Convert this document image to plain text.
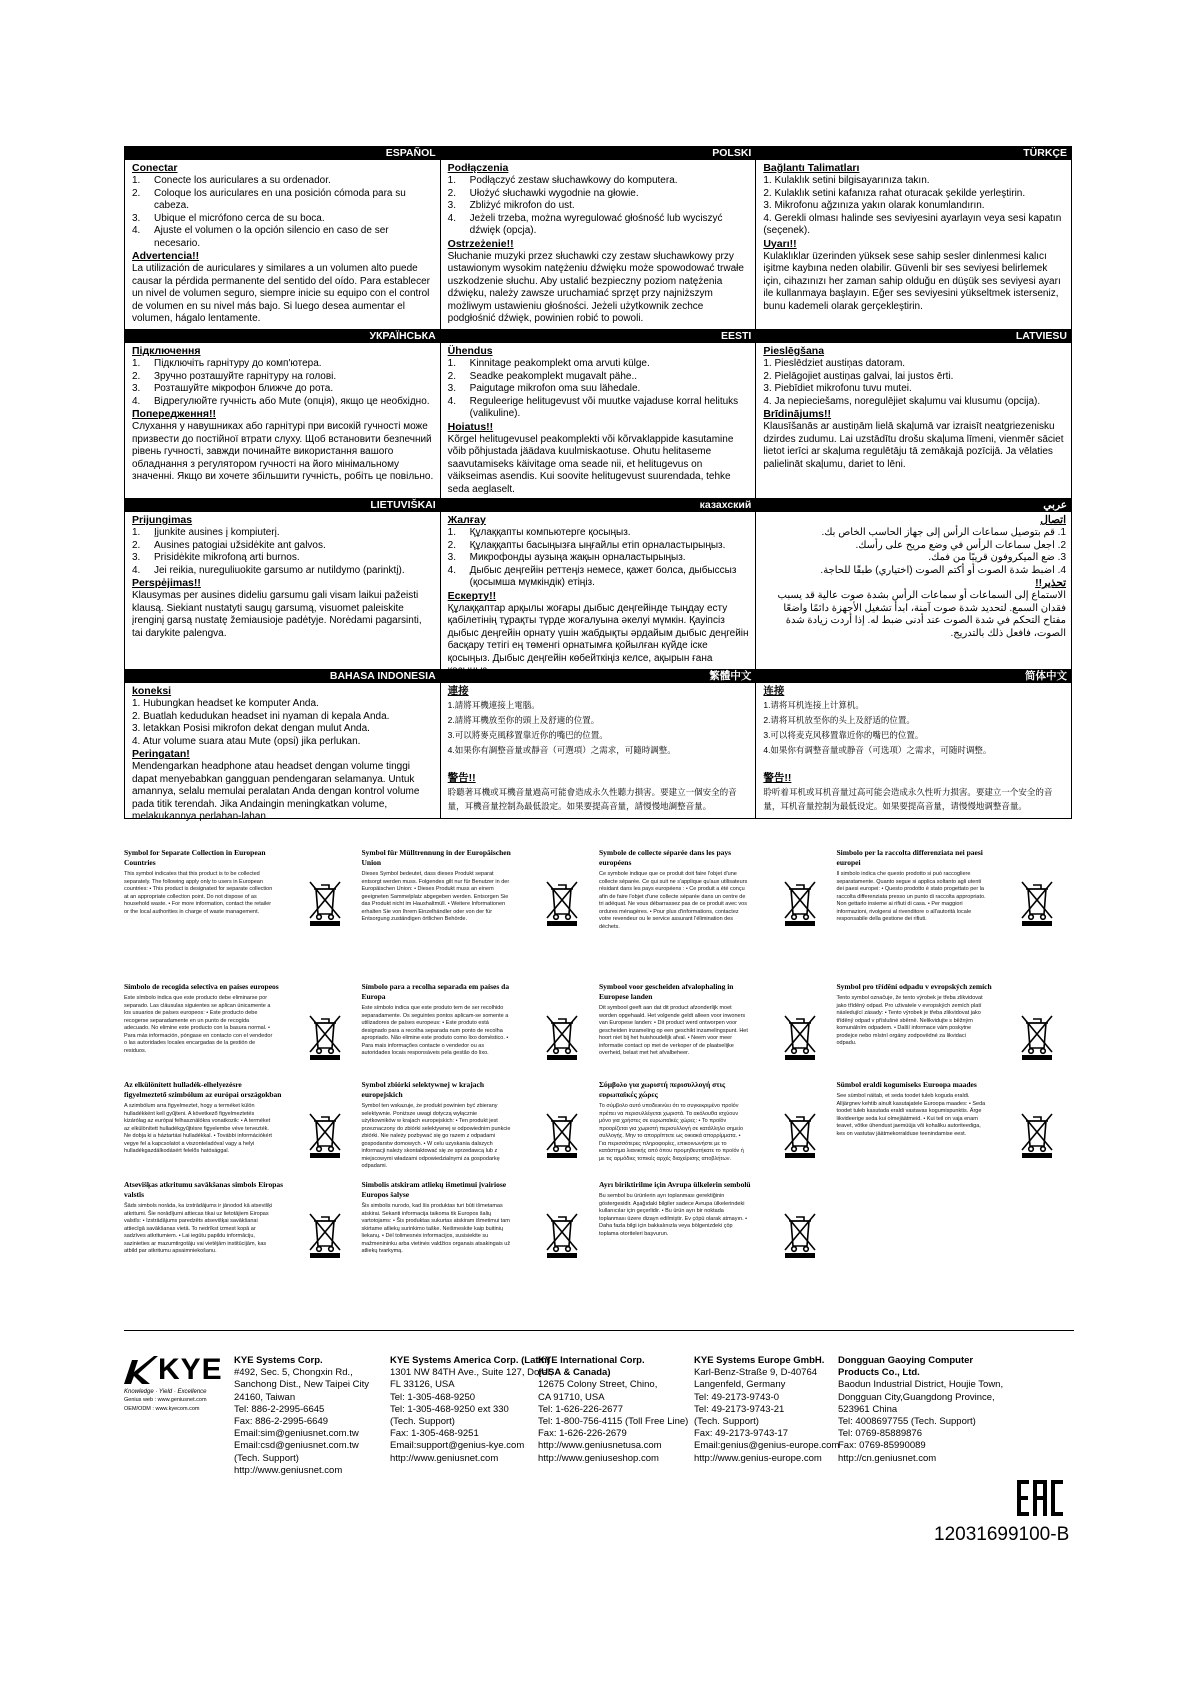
ESPAÑOL
Conectar
1. Conecte los auriculares a su ordenador.
2. Coloque los auriculares en una posición cómoda para su cabeza.
3. Ubique el micrófono cerca de su boca.
4. Ajuste el volumen o la opción silencio en caso de ser necesario.
Advertencia!!

La utilización de auriculares y similares a un volumen alto puede causar la pérdida permanente del sentido del oído. Para establecer un nivel de volumen seguro, siempre inicie su equipo con el control de volumen en su nivel más bajo. Si luego desea aumentar el volumen, hágalo lentamente.

POLSKI
Podłączenia
1. Podłączyć zestaw słuchawkowy do komputera.
2. Ułożyć słuchawki wygodnie na głowie.
3. Zbliżyć mikrofon do ust.
4. Jeżeli trzeba, można wyregulować głośność lub wyciszyć dźwięk (opcja).
Ostrzeżenie!!

Słuchanie muzyki przez słuchawki czy zestaw słuchawkowy przy ustawionym wysokim natężeniu dźwięku może spowodować trwałe uszkodzenie słuchu. Aby ustalić bezpieczny poziom natężenia dźwięku, należy zawsze uruchamiać sprzęt przy najniższym możliwym ustawieniu głośności. Jeżeli użytkownik zechce podgłośnić dźwięk, powinien robić to powoli.

TÜRKÇE
Bağlantı Talimatları
1. Kulaklık setini bilgisayarınıza takın.
2. Kulaklık setini kafanıza rahat oturacak şekilde yerleştirin.
3. Mikrofonu ağzınıza yakın olarak konumlandırın.
4. Gerekli olması halinde ses seviyesini ayarlayın veya sesi kapatın (seçenek).
Uyarı!!

Kulaklıklar üzerinden yüksek sese sahip sesler dinlenmesi kalıcı işitme kaybına neden olabilir. Güvenli bir ses seviyesi belirlemek için, cihazınızı her zaman sahip olduğu en düşük ses seviyesi ayarı ile kullanmaya başlayın. Eğer ses seviyesini yükseltmek isterseniz, bunu kademeli olarak gerçekleştirin.

УКРАЇНСЬКА
Підключення
1. Підключіть гарнітуру до комп'ютера.
2. Зручно розташуйте гарнітуру на голові.
3. Розташуйте мікрофон ближче до рота.
4. Відрегулюйте гучність або Mute (опція), якщо це необхідно.
Попередження!!

Слухання у навушниках або гарнітурі при високій гучності може призвести до постійної втрати слуху. Щоб встановити безпечний рівень гучності, завжди починайте використання вашого обладнання з регулятором гучності на його мінімальному значенні. Якщо ви хочете збільшити гучність, робіть це повільно.

EESTI
Ühendus
1. Kinnitage peakomplekt oma arvuti külge.
2. Seadke peakomplekt mugavalt pähe..
3. Paigutage mikrofon oma suu lähedale.
4. Reguleerige helitugevust või muutke vajaduse korral helituks (valikuline).
Hoiatus!!

Kõrgel helitugevusel peakomplekti või kõrvaklappide kasutamine võib põhjustada jäädava kuulmiskaotuse. Ohutu helitaseme saavutamiseks käivitage oma seade nii, et helitugevus on väikseimas asendis. Kui soovite helitugevust suurendada, tehke seda aeglaselt.

LATVIESU
Pieslēgšana
1. Pieslēdziet austiņas datoram.
2. Pielāgojiet austiņas galvai, lai justos ērti.
3. Piebīdiet mikrofonu tuvu mutei.
4. Ja nepieciešams, noregulējiet skaļumu vai klusumu (opcija).
Brīdinājums!!

Klausīšanās ar austiņām lielā skaļumā var izraisīt neatgriezenisku dzirdes zudumu. Lai uzstādītu drošu skaļuma līmeni, vienmēr sāciet lietot ierīci ar skaļuma regulētāju tā zemākajā pozīcijā. Ja vēlaties palielināt skaļumu, dariet to lēni.

LIETUVIŠKAI
Prijungimas
1. Įjunkite ausines į kompiuterį.
2. Ausines patogiai užsidėkite ant galvos.
3. Prisidėkite mikrofoną arti burnos.
4. Jei reikia, nureguliuokite garsumo ar nutildymo (parinktį).
Perspėjimas!!

Klausymas per ausines dideliu garsumu gali visam laikui pažeisti klausą. Siekiant nustatyti saugų garsumą, visuomet paleiskite įrenginį garsą nustatę žemiausioje padėtyje. Norėdami pagarsinti, tai darykite palengva.

казахский
Жалғау
1. Құлаққапты компьютерге қосыңыз.
2. Құлаққапты басыңызға ыңғайлы етіп орналастырыңыз.
3. Микрофонды аузыңа жақын орналастырыңыз.
4. Дыбыс деңгейін реттеңіз немесе, қажет болса, дыбыссыз (қосымша мүмкіндік) етіңіз.
Ескерту!!

Құлаққаптар арқылы жоғары дыбыс деңгейінде тыңдау есту қабілетінің тұрақты түрде жоғалуына әкелуі мүмкін. Қауіпсіз дыбыс деңгейін орнату үшін жабдықты әрдайым дыбыс деңгейін басқару тетігі ең төменгі орнатымға қойылған күйде іске қосыңыз. Дыбыс деңгейін көбейткіңіз келсе, ақырын ғана

عربي
اتصال
1. قم بتوصيل سماعات الرأس إلى جهاز الحاسب الخاص بك.
2. اجعل سماعات الرأس في وضع مريح على رأسك.
3. ضع الميكروفون قريبًا من فمك.
4. اضبط شدة الصوت أو أكتم الصوت (اختياري) طبقًا للحاجة.
تحذير!!

الاستماع إلى السماعات أو سماعات الرأس بشدة صوت عالية قد يسبب فقدان السمع. لتحديد شدة صوت آمنة، ابدأ تشغيل الأجهزة دائمًا واضعًا مفتاح التحكم في شدة الصوت عند أدنى ضبط له. إذا أردت زيادة شدة الصوت، فافعل ذلك بالتدريج.

BAHASA INDONESIA
koneksi
1. Hubungkan headset ke komputer Anda.
2. Buatlah kedudukan headset ini nyaman di kepala Anda.
3. letakkan Posisi mikrofon dekat dengan mulut Anda.
4. Atur volume suara atau Mute (opsi) jika perlukan.
Peringatan!

Mendengarkan headphone atau headset dengan volume tinggi dapat menyebabkan gangguan pendengaran selamanya. Untuk amannya, selalu memulai peralatan Anda dengan kontrol volume pada titik terendah. Jika Andaingin meningkatkan volume, melakukannya perlahan-lahan.

繁體中文
連接
1.請將耳機連接上電腦。
2.請將耳機放至你的頭上及舒適的位置。
3.可以將麥克風移置靠近你的嘴巴的位置。
4.如果你有調整音量或靜音（可選項）之需求，可隨時調整。
警告!!

聆聽著耳機或耳機音量過高可能會造成永久性聽力損害。要建立一個安全的音量，耳機音量控制為最低設定。如果要提高音量，請慢慢地調整音量。

简体中文
连接
1.请将耳机连接上计算机。
2.请将耳机放至你的头上及舒适的位置。
3.可以将麦克风移置靠近你的嘴巴的位置。
4.如果你有调整音量或静音（可选项）之需求，可随时调整。
警告!!

聆听着耳机或耳机音量过高可能会造成永久性听力损害。要建立一个安全的音量，耳机音量控制为最低设定。如果要提高音量，请慢慢地调整音量。

Symbol for Separate Collection in European Countries
This symbol indicates that this product is to be collected separately. The following apply only to users in European countries: • This product is designated for separate collection at an appropriate collection point. Do not dispose of as household waste. • For more information, contact the retailer or the local authorities in charge of waste management.
Symbol für Mülltrennung in der Europäischen Union
Dieses Symbol bedeutet, dass dieses Produkt separat entsorgt werden muss. Folgendes gilt nur für Benutzer in der Europäischen Union: • Dieses Produkt muss an einem geeigneten Sammelplatz abgegeben werden. Entsorgen Sie das Produkt nicht im Haushaltmüll. • Weitere Informationen erhalten Sie von Ihrem Einzelhändler oder von der für Entsorgung zuständigen örtlichen Behörde.
Symbole de collecte séparée dans les pays européens
Ce symbole indique que ce produit doit faire l'objet d'une collecte séparée. Ce qui suit ne s'applique qu'aux utilisateurs résidant dans les pays européens : • Ce produit a été conçu afin de faire l'objet d'une collecte séparée dans un centre de tri adéquat. Ne vous débarrassez pas de ce produit avec vos ordures ménagères. • Pour plus d'informations, contactez votre revendeur ou le service assurant l'élimination des déchets.
Simbolo per la raccolta differenziata nei paesi europei
Il simbolo indica che questo prodotto si può raccogliere separatamente. Quanto segue si applica soltanto agli utenti dei paesi europei: • Questo prodotto è stato progettato per la raccolta differenziata presso un punto di raccolta appropriato. Non gettarlo insieme ai rifiuti di casa. • Per maggiori informazioni, rivolgersi al rivenditore o all'autorità locale responsabile della gestione dei rifiuti.
Símbolo de recogida selectiva en países europeos
Este símbolo indica que este producto debe eliminarse por separado. Las cláusulas siguientes se aplican únicamente a los usuarios de países europeos: • Este producto debe recogerse separadamente en un punto de recogida adecuado. No elimine este producto con la basura normal. • Para más información, póngase en contacto con el vendedor o las autoridades locales encargadas de la gestión de residuos.
Símbolo para a recolha separada em países da Europa
Este símbolo indica que este produto tem de ser recolhido separadamente. Os seguintes pontos aplicam-se somente a utilizadores de países europeus: • Este produto está designado para a recolha separada num ponto de recolha apropriado. Não elimine este produto como lixo doméstico. • Para mais informações contacte o vendedor ou as autoridades locais responsáveis pela gestão do lixo.
Symbool voor gescheiden afvalophaling in Europese landen
Dit symbool geeft aan dat dit product afzonderlijk moet worden opgehaald. Het volgende geldt alleen voor inwoners van Europese landen: • Dit product werd ontworpen voor gescheiden inzameling op een geschikt inzamelingspunt. Het hoort niet bij het huishoudelijk afval. • Neem voor meer informatie contact op met de verkoper of de plaatselijke overheid, belast met het afvalbeheer.
Symbol pro třídění odpadu v evropských zemích
Tento symbol označuje, že tento výrobek je třeba zlikvidovat jako tříděný odpad. Pro uživatele v evropských zemích platí následující zásady: • Tento výrobek je třeba zlikvidovat jako tříděný odpad v příslušné sběrně. Nelikvidujte s běžným komunálním odpadem. • Další informace vám poskytne prodejce nebo místní orgány zodpovědné za likvidaci odpadu.
Az elkülönített hulladék-elhelyezésre figyelmeztető szimbólum az európai országokban
A szimbólum arra figyelmeztet, hogy a terméket külön hulladékként kell gyűjteni. A következő figyelmeztetés kizárólag az európai felhasználókra vonatkozik: • A terméket az elkülönített hulladékgyűjtésre figyelembe véve tervezték. Ne dobja ki a háztartási hulladékkal. • További információkért vegye fel a kapcsolatot a viszonteladóval vagy a helyi hulladékgazdálkodásért felelős hatósággal.
Symbol zbiórki selektywnej w krajach europejskich
Symbol ten wskazuje, że produkt powinien być zbierany selektywnie. Poniższe uwagi dotyczą wyłącznie użytkowników w krajach europejskich: • Ten produkt jest przeznaczony do zbiórki selektywnej w odpowiednim punkcie zbiórki. Nie należy pozbywać się go razem z odpadami gospodarstw domowych. • W celu uzyskania dalszych informacji należy skontaktować się ze sprzedawcą lub z miejscowymi władzami odpowiedzialnymi za gospodarkę odpadami.
Σύμβολο για χωριστή περισυλλογή στις ευρωπαϊκές χώρες
Το σύμβολο αυτό υποδεικνύει ότι το συγκεκριμένο προϊόν πρέπει να περισυλλέγεται χωριστά. Τα ακόλουθα ισχύουν μόνο για χρήστες σε ευρωπαϊκές χώρες: • Το προϊόν προορίζεται για χωριστή περισυλλογή σε κατάλληλο σημείο συλλογής. Μην το απορρίπτετε ως οικιακά απορρίμματα. • Για περισσότερες πληροφορίες, επικοινωνήστε με το κατάστημα λιανικής από όπου προμηθευτήκατε το προϊόν ή με τις αρμόδιες τοπικές αρχές διαχείρισης αποβλήτων.
Sümbol eraldi kogumiseks Euroopa maades
See sümbol näitab, et seda toodet tuleb koguda eraldi. Alljärgnev kehtib ainult kasutajatele Euroopa maades: • Seda toodet tuleb kasutada eraldi vastavas kogumispunktis. Ärge likvideerige seda kui olmejäätmeid. • Kui teil on vaja enam teavet, võtke ühendust jaemüüja või kohaliku autoriteediga, kes on vastutav jäätmekorralduse teenindamise eest.
Atsevišķas atkritumu savākšanas simbols Eiropas valstīs
Šāds simbols norāda, ka izstrādājums ir jānodod kā atsevišķi atkritumi. Šie norādījumi attiecas tikai uz lietotājiem Eiropas valstīs: • Izstrādājums paredzēts atsevišķai savākšanai attiecīgā savākšanas vietā. To nedrīkst izmest kopā ar sadzīves atkritumiem. • Lai iegūtu papildu informāciju, sazinieties ar mazumtirgotāju vai vietējām institūcijām, kas atbild par atkritumu apsaimniekošanu.
Simbolis atskiram atliekų išmetimui įvairiose Europos šalyse
Šis simbolis nurodo, kad šis produktas turi būti išmetamas atskirai. Sekanti informacija taikoma tik Europos šalių vartotojams: • Šis produktas sukurtas atskiram išmetimui tam skirtame atliekų surinkimo taške. Neišmeskite kaip buitinių liekanų. • Dėl tolimesnės informacijos, susisiekite su mažmenininku arba vietinės valdžios organais atsakingais už atliekų tvarkymą.
Ayrı biriktirilme için Avrupa ülkelerin sembolü
Bu sembol bu ürünlerin ayrı toplanması gerektiğinin göstergesidir. Aşağıdaki bilgiler sadece Avrupa ülkelerindeki kullanıcılar için geçerlidir. • Bu ürün ayrı bir noktada toplanması üzere dizayn edilmiştir. Ev çöpü olarak atmayın. • Daha fazla bilgi için bakkalınızla veya bölgenizdeki çöp toplama otoriteleri başvurun.
KYE
Knowledge · Yield · Excellence
Genius web : www.geniusnet.com
OEM/ODM : www.kyecom.com
KYE Systems Corp.
#492, Sec. 5, Chongxin Rd.,
Sanchong Dist., New Taipei City
24160, Taiwan
Tel: 886-2-2995-6645
Fax: 886-2-2995-6649
Email:sim@geniusnet.com.tw
Email:csd@geniusnet.com.tw
(Tech. Support)
http://www.geniusnet.com
KYE Systems America Corp. (Latin)
1301 NW 84TH Ave., Suite 127, Doral,
FL 33126, USA
Tel: 1-305-468-9250
Tel: 1-305-468-9250 ext 330
(Tech. Support)
Fax: 1-305-468-9251
Email:support@genius-kye.com
http://www.geniusnet.com
KYE International Corp.
(USA & Canada)
12675 Colony Street, Chino,
CA 91710, USA
Tel: 1-626-226-2677
Tel: 1-800-756-4115 (Toll Free Line)
Fax: 1-626-226-2679
http://www.geniusnetusa.com
http://www.geniuseshop.com
KYE Systems Europe GmbH.
Karl-Benz-Straße 9, D-40764
Langenfeld, Germany
Tel: 49-2173-9743-0
Tel: 49-2173-9743-21
(Tech. Support)
Fax: 49-2173-9743-17
Email:genius@genius-europe.com
http://www.genius-europe.com
Dongguan Gaoying Computer
Products Co., Ltd.
Baodun Industrial District, Houjie Town,
Dongguan City,Guangdong Province,
523961 China
Tel: 4008697755 (Tech. Support)
Tel: 0769-85889876
Fax: 0769-85990089
http://cn.geniusnet.com
12031699100-B
